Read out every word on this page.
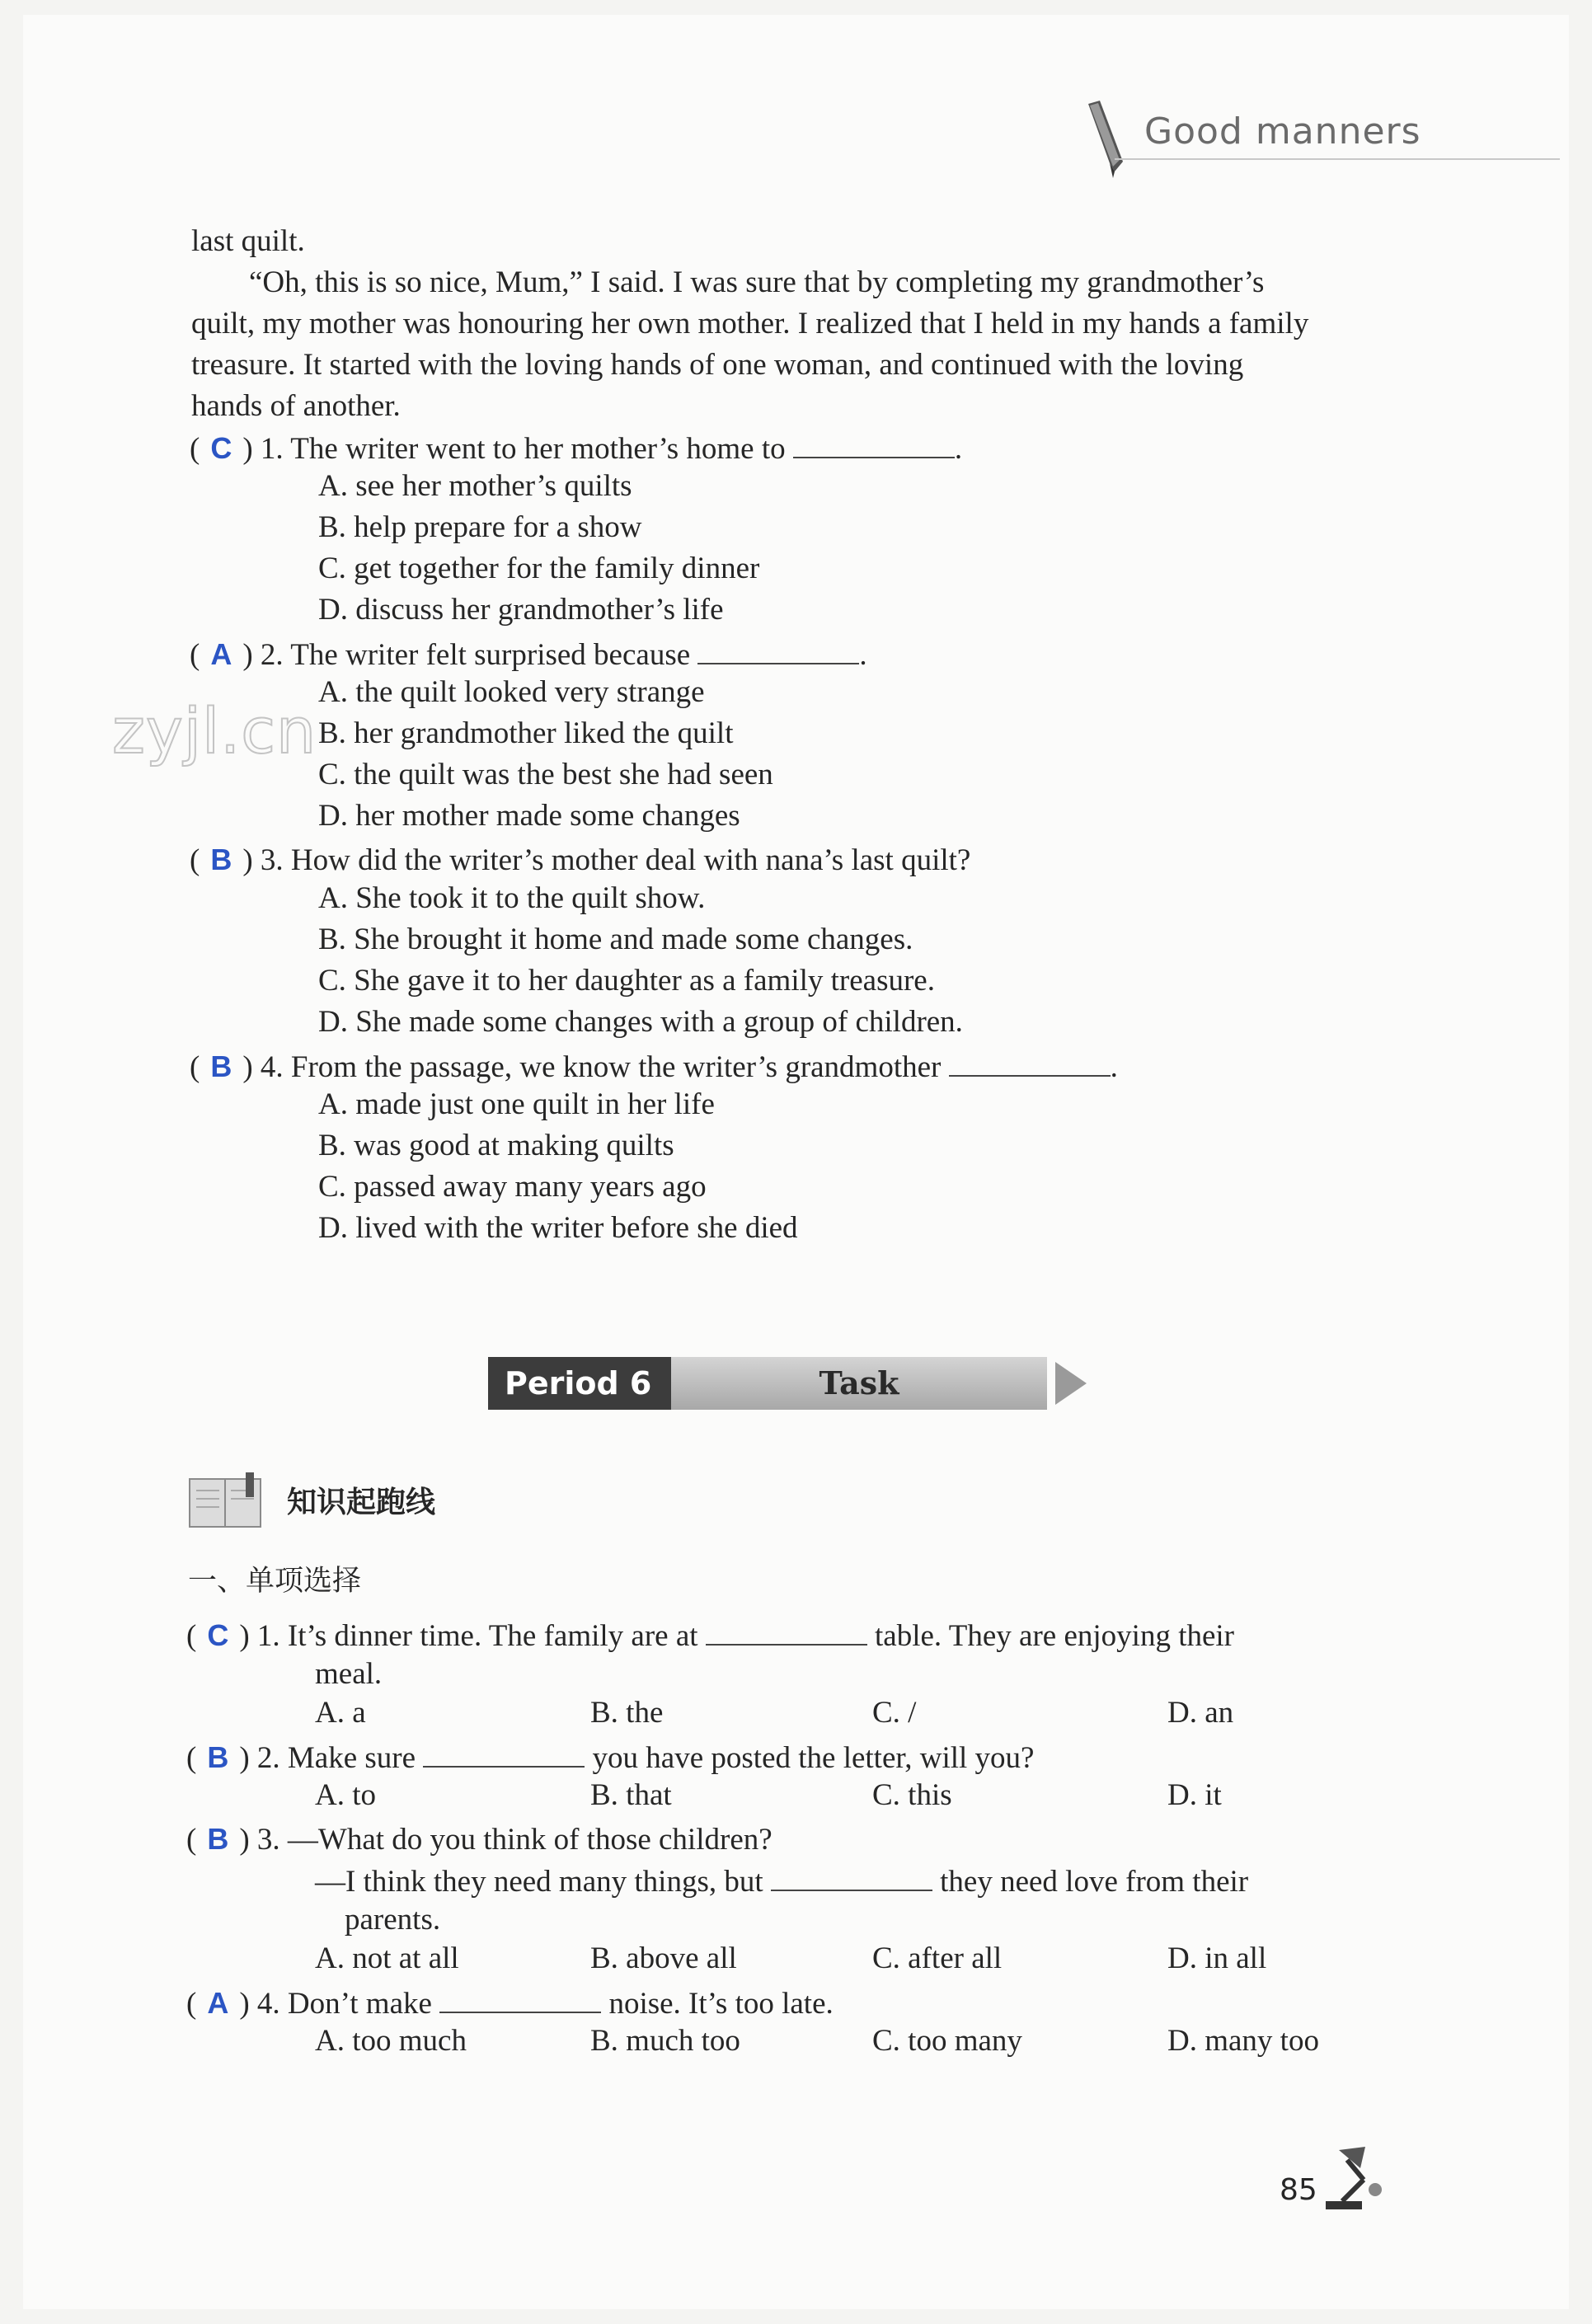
Good manners
last quilt.
“Oh, this is so nice, Mum,” I said. I was sure that by completing my grandmother’s
quilt, my mother was honouring her own mother. I realized that I held in my hands a family
treasure. It started with the loving hands of one woman, and continued with the loving
hands of another.
( C ) 1. The writer went to her mother’s home to	.
A. see her mother’s quilts
B. help prepare for a show
C. get together for the family dinner
D. discuss her grandmother’s life
( A ) 2. The writer felt surprised because	.
A. the quilt looked very strange
B. her grandmother liked the quilt
C. the quilt was the best she had seen
D. her mother made some changes
( B ) 3. How did the writer’s mother deal with nana’s last quilt?
A. She took it to the quilt show.
B. She brought it home and made some changes.
C. She gave it to her daughter as a family treasure.
D. She made some changes with a group of children.
( B ) 4. From the passage, we know the writer’s grandmother	.
A. made just one quilt in her life
B. was good at making quilts
C. passed away many years ago
D. lived with the writer before she died
zyjl.cn
Period 6	Task
知识起跑线
一、单项选择
( C ) 1. It’s dinner time. The family are at	table. They are enjoying their
meal.
A. a	B. the	C. /	D. an
( B ) 2. Make sure	you have posted the letter, will you?
A. to	B. that	C. this	D. it
( B ) 3. —What do you think of those children?
—I think they need many things, but	they need love from their
parents.
A. not at all	B. above all	C. after all	D. in all
( A ) 4. Don’t make	noise. It’s too late.
A. too much	B. much too	C. too many	D. many too
85
